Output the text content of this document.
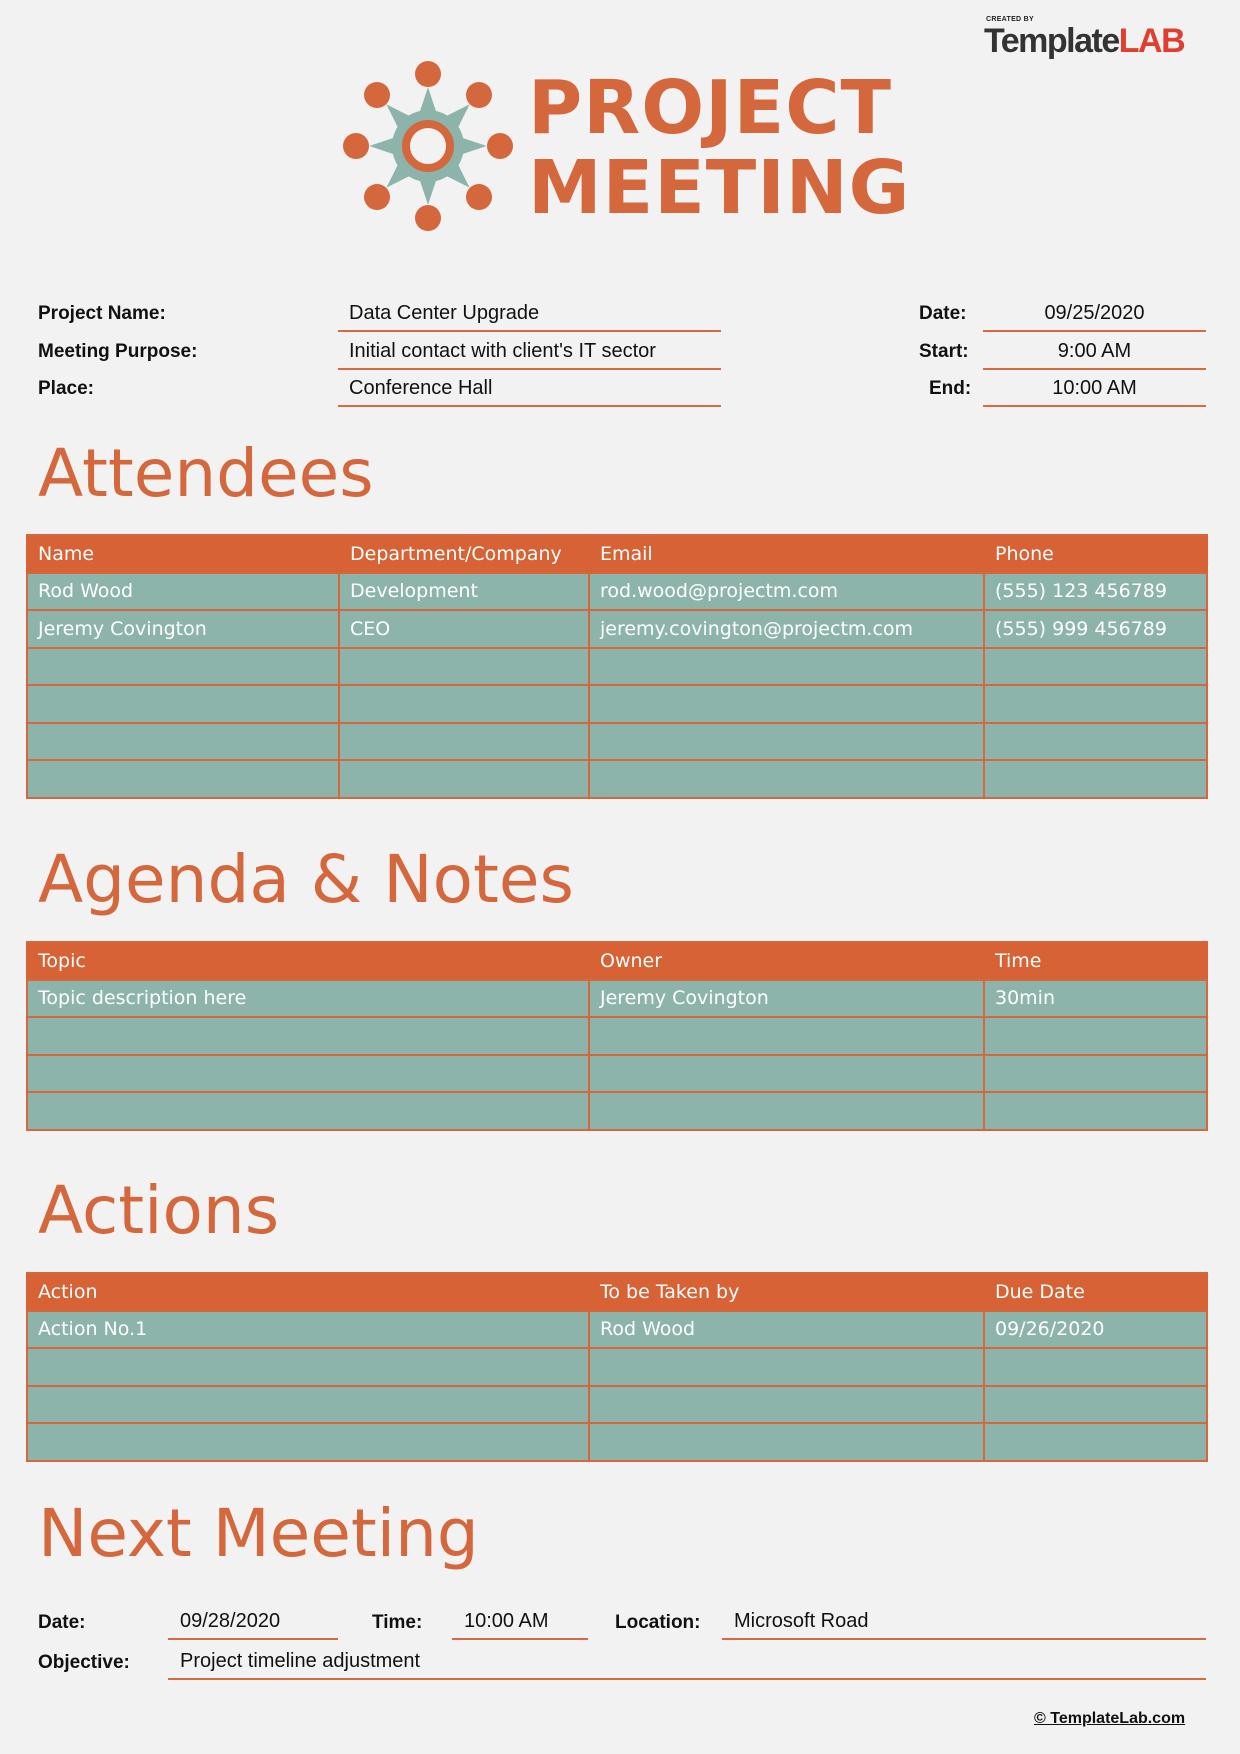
CREATED BY
TemplateLAB
PROJECT
MEETING
Project Name:	Data Center Upgrade
Meeting Purpose:	Initial contact with client's IT sector
Place:	Conference Hall
Date:	09/25/2020
Start:	9:00 AM
End:	10:00 AM
Attendees
Name	Department/Company	Email	Phone
Rod Wood	Development	rod.wood@projectm.com	(555) 123 456789
Jeremy Covington	CEO	jeremy.covington@projectm.com	(555) 999 456789

Agenda & Notes
Topic	Owner	Time
Topic description here	Jeremy Covington	30min

Actions
Action	To be Taken by	Due Date
Action No.1	Rod Wood	09/26/2020

Next Meeting
Date:	09/28/2020	Time:	10:00 AM	Location:	Microsoft Road
Objective:	Project timeline adjustment
© TemplateLab.com
